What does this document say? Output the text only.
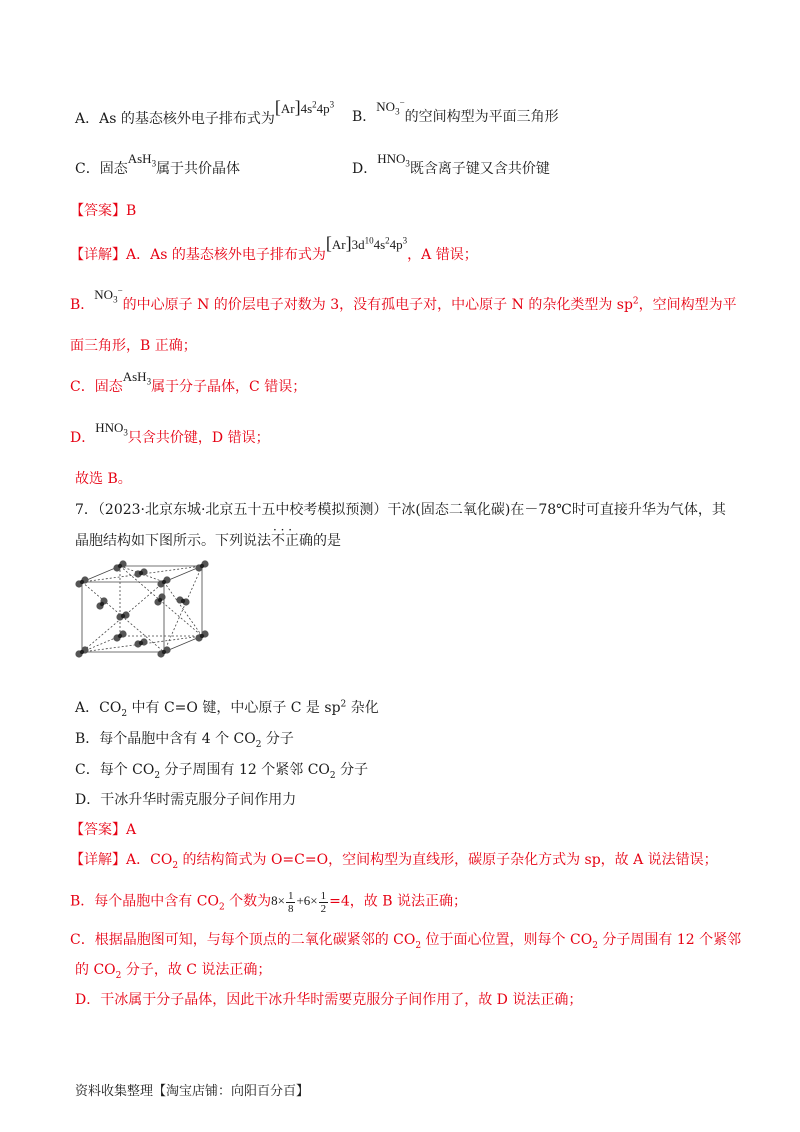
A．As 的基态核外电子排布式为$[Ar]4s^24p^3$
B．$NO_3^-$的空间构型为平面三角形
C．固态AsH$_3$属于共价晶体	D．$HNO_3$既含离子键又含共价键
【答案】B
【详解】A．As 的基态核外电子排布式为$[Ar]3d^{10}4s^24p^3$，A 错误；
B．$NO_3^-$的中心原子 N 的价层电子对数为 3，没有孤电子对，中心原子 N 的杂化类型为 $sp^2$，空间构型为平
面三角形，B 正确；
C．固态AsH$_3$属于分子晶体，C 错误；
D．$HNO_3$只含共价键，D 错误；
故选 B。
7．（2023·北京东城·北京五十五中校考模拟预测）干冰(固态二氧化碳)在－78℃时可直接升华为气体，其
晶胞结构如下图所示。下列说法· · · 不正确的是
A．$CO_2$ 中有 C=O 键，中心原子 C 是 $sp^2$ 杂化
B．每个晶胞中含有 4 个 $CO_2$ 分子
C．每个 $CO_2$ 分子周围有 12 个紧邻 $CO_2$ 分子
D．干冰升华时需克服分子间作用力
【答案】A
【详解】A．$CO_2$ 的结构简式为 O=C=O，空间构型为直线形，碳原子杂化方式为 sp，故 A 说法错误；
B．每个晶胞中含有 $CO_2$ 个数为$8\times \frac{1}{8} +6\times \frac{1}{2} =4$，故 B 说法正确；
C．根据晶胞图可知，与每个顶点的二氧化碳紧邻的 $CO_2$ 位于面心位置，则每个 $CO_2$ 分子周围有 12 个紧邻
的 $CO_2$ 分子，故 C 说法正确；
D．干冰属于分子晶体，因此干冰升华时需要克服分子间作用了，故 D 说法正确；
资料收集整理【淘宝店铺：向阳百分百】
